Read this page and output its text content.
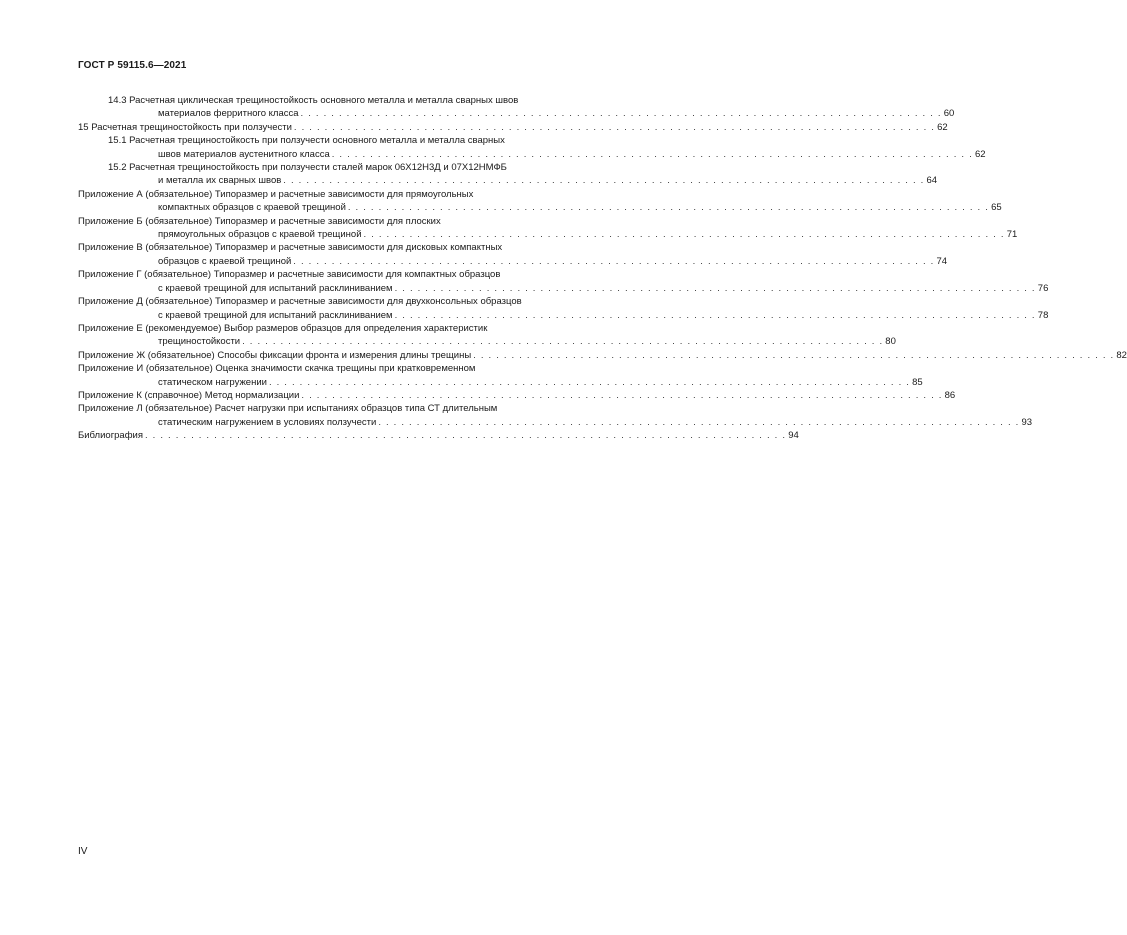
ГОСТ Р 59115.6—2021
14.3 Расчетная циклическая трещиностойкость основного металла и металла сварных швов
материалов ферритного класса . . . . . . . . . . . . . . . . . . . . . . . . . . . . . . . . . . . . . . . . . . . . . . . . . . . . . . . . . . . . . . . . . . . . . . . . . . . . . . . . . . . . 60
15 Расчетная трещиностойкость при ползучести . . . . . . . . . . . . . . . . . . . . . . . . . . . . . . . . . . . . . . . . . . . . . . . . . . . . . . . . . . . . . . . . . . . . . . . . . . . . . . . . . . . . 62
15.1 Расчетная трещиностойкость при ползучести основного металла и металла сварных
швов материалов аустенитного класса . . . . . . . . . . . . . . . . . . . . . . . . . . . . . . . . . . . . . . . . . . . . . . . . . . . . . . . . . . . . . . . . . . . . . . . . . . . . . . . . . . . . 62
15.2 Расчетная трещиностойкость при ползучести сталей марок 06Х12Н3Д и 07Х12НМФБ
и металла их сварных швов . . . . . . . . . . . . . . . . . . . . . . . . . . . . . . . . . . . . . . . . . . . . . . . . . . . . . . . . . . . . . . . . . . . . . . . . . . . . . . . . . . . . 64
Приложение А (обязательное) Типоразмер и расчетные зависимости для прямоугольных
компактных образцов с краевой трещиной . . . . . . . . . . . . . . . . . . . . . . . . . . . . . . . . . . . . . . . . . . . . . . . . . . . . . . . . . . . . . . . . . . . . . . . . . . . . . . . . . . . . 65
Приложение Б (обязательное) Типоразмер и расчетные зависимости для плоских
прямоугольных образцов с краевой трещиной . . . . . . . . . . . . . . . . . . . . . . . . . . . . . . . . . . . . . . . . . . . . . . . . . . . . . . . . . . . . . . . . . . . . . . . . . . . . . . . . . . . . 71
Приложение В (обязательное) Типоразмер и расчетные зависимости для дисковых компактных
образцов с краевой трещиной . . . . . . . . . . . . . . . . . . . . . . . . . . . . . . . . . . . . . . . . . . . . . . . . . . . . . . . . . . . . . . . . . . . . . . . . . . . . . . . . . . . . 74
Приложение Г (обязательное) Типоразмер и расчетные зависимости для компактных образцов
с краевой трещиной для испытаний расклиниванием . . . . . . . . . . . . . . . . . . . . . . . . . . . . . . . . . . . . . . . . . . . . . . . . . . . . . . . . . . . . . . . . . . . . . . . . . . . . . . . . . . . . 76
Приложение Д (обязательное) Типоразмер и расчетные зависимости для двухконсольных образцов
с краевой трещиной для испытаний расклиниванием . . . . . . . . . . . . . . . . . . . . . . . . . . . . . . . . . . . . . . . . . . . . . . . . . . . . . . . . . . . . . . . . . . . . . . . . . . . . . . . . . . . . 78
Приложение Е (рекомендуемое) Выбор размеров образцов для определения характеристик
трещиностойкости . . . . . . . . . . . . . . . . . . . . . . . . . . . . . . . . . . . . . . . . . . . . . . . . . . . . . . . . . . . . . . . . . . . . . . . . . . . . . . . . . . . . 80
Приложение Ж (обязательное) Способы фиксации фронта и измерения длины трещины . . . . . . . . . . . . . . . . . . . . . . . . . . . . . . . . . . . . . . . . . . . . . . . . . . . . . . . . . . . . . . . . . . . . . . . . . . . . . . . . . . . . 82
Приложение И (обязательное) Оценка значимости скачка трещины при кратковременном
статическом нагружении . . . . . . . . . . . . . . . . . . . . . . . . . . . . . . . . . . . . . . . . . . . . . . . . . . . . . . . . . . . . . . . . . . . . . . . . . . . . . . . . . . . . 85
Приложение К (справочное) Метод нормализации . . . . . . . . . . . . . . . . . . . . . . . . . . . . . . . . . . . . . . . . . . . . . . . . . . . . . . . . . . . . . . . . . . . . . . . . . . . . . . . . . . . . 86
Приложение Л (обязательное) Расчет нагрузки при испытаниях образцов типа СТ длительным
статическим нагружением в условиях ползучести . . . . . . . . . . . . . . . . . . . . . . . . . . . . . . . . . . . . . . . . . . . . . . . . . . . . . . . . . . . . . . . . . . . . . . . . . . . . . . . . . . . . 93
Библиография . . . . . . . . . . . . . . . . . . . . . . . . . . . . . . . . . . . . . . . . . . . . . . . . . . . . . . . . . . . . . . . . . . . . . . . . . . . . . . . . . . . . 94
IV
